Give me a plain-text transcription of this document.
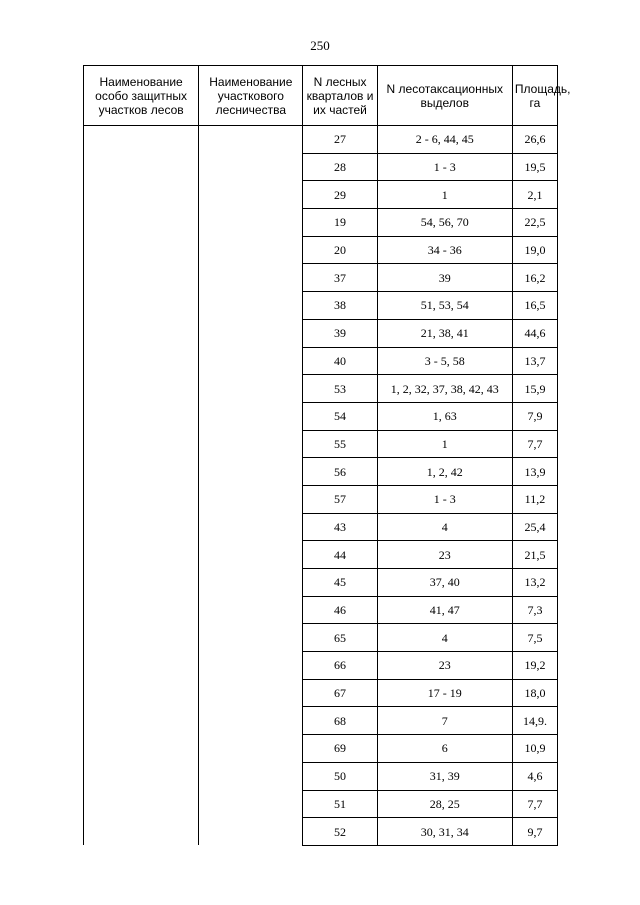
250
Наименование особо защитных участков лесов	Наименование участкового лесничества	N лесных кварталов и их частей	N лесотаксационных выделов	Площадь, га
		27	2 - 6, 44, 45	26,6
		28	1 - 3	19,5
		29	1	2,1
		19	54, 56, 70	22,5
		20	34 - 36	19,0
		37	39	16,2
		38	51, 53, 54	16,5
		39	21, 38, 41	44,6
		40	3 - 5, 58	13,7
		53	1, 2, 32, 37, 38, 42, 43	15,9
		54	1, 63	7,9
		55	1	7,7
		56	1, 2, 42	13,9
		57	1 - 3	11,2
		43	4	25,4
		44	23	21,5
		45	37, 40	13,2
		46	41, 47	7,3
		65	4	7,5
		66	23	19,2
		67	17 - 19	18,0
		68	7	14,9.
		69	6	10,9
		50	31, 39	4,6
		51	28, 25	7,7
		52	30, 31, 34	9,7
